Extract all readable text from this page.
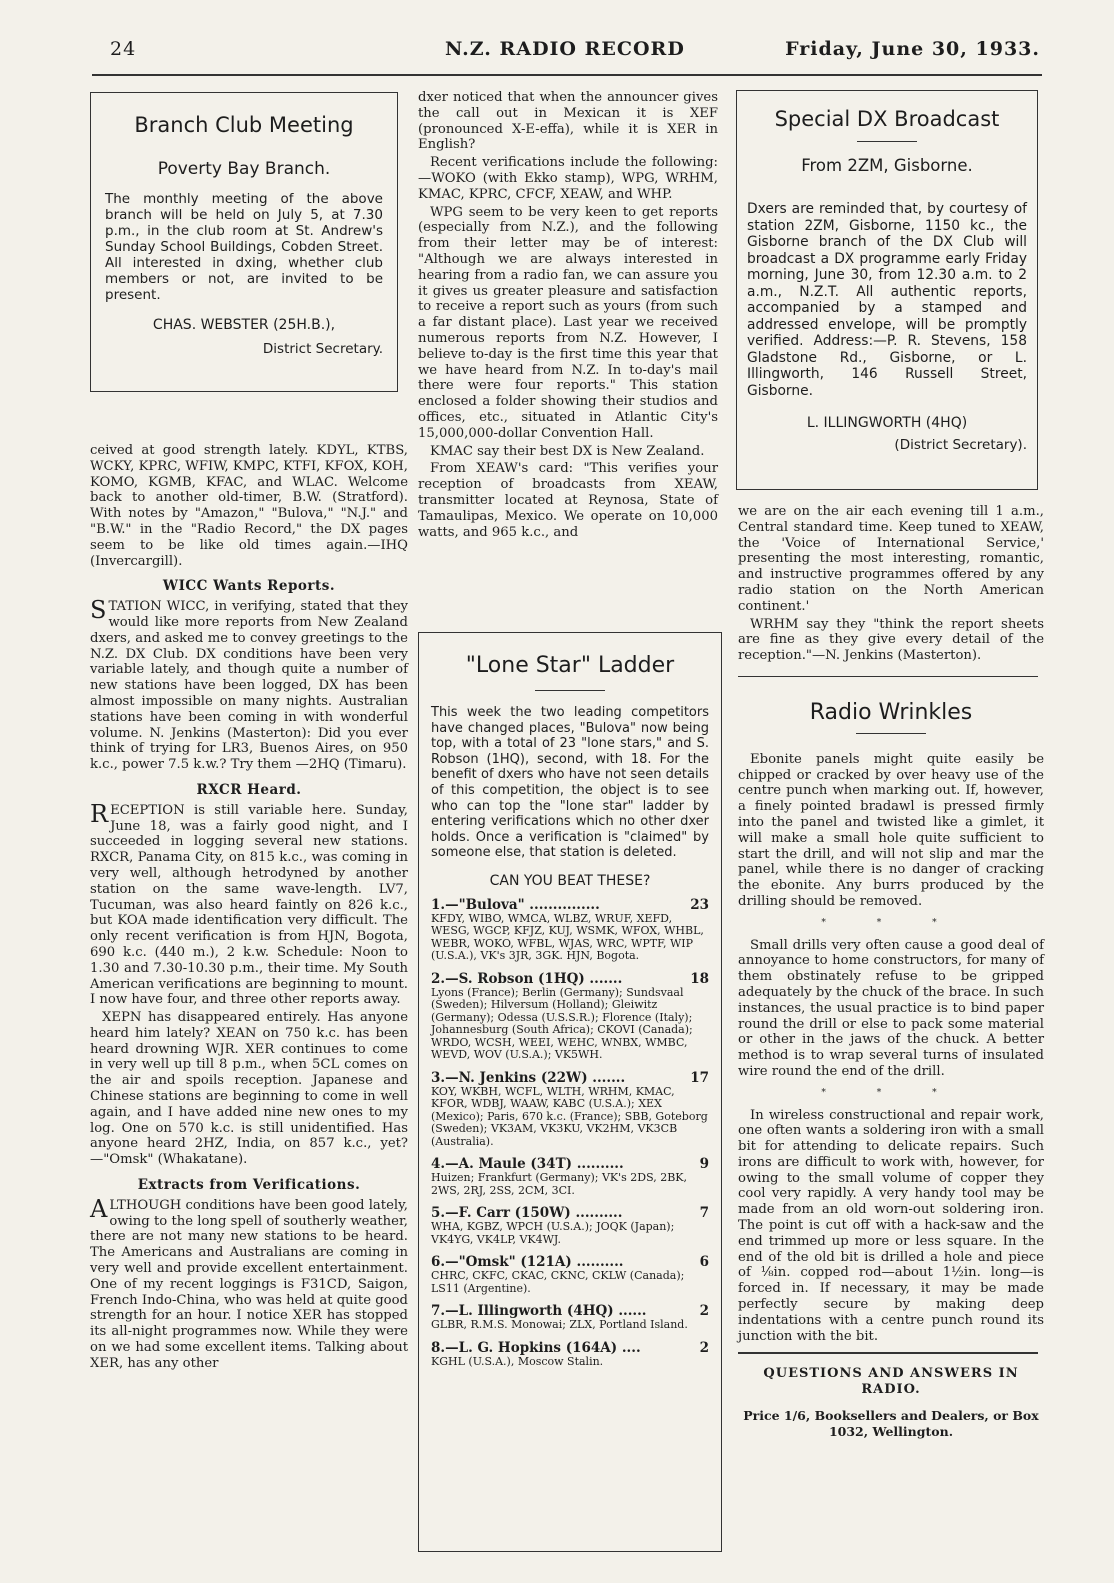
24	N.Z. RADIO RECORD	Friday, June 30, 1933.
Branch Club Meeting
Poverty Bay Branch.
The monthly meeting of the above branch will be held on July 5, at 7.30 p.m., in the club room at St. Andrew's Sunday School Buildings, Cobden Street. All interested in dxing, whether club members or not, are invited to be present.
CHAS. WEBSTER (25H.B.),
District Secretary.

ceived at good strength lately. KDYL, KTBS, WCKY, KPRC, WFIW, KMPC, KTFI, KFOX, KOH, KOMO, KGMB, KFAC, and WLAC. Welcome back to another old-timer, B.W. (Stratford). With notes by "Amazon," "Bulova," "N.J." and "B.W." in the "Radio Record," the DX pages seem to be like old times again.—IHQ (Invercargill).

WICC Wants Reports.

STATION WICC, in verifying, stated that they would like more reports from New Zealand dxers, and asked me to convey greetings to the N.Z. DX Club. DX conditions have been very variable lately, and though quite a number of new stations have been logged, DX has been almost impossible on many nights. Australian stations have been coming in with wonderful volume. N. Jenkins (Masterton): Did you ever think of trying for LR3, Buenos Aires, on 950 k.c., power 7.5 k.w.? Try them —2HQ (Timaru).

RXCR Heard.

RECEPTION is still variable here. Sunday, June 18, was a fairly good night, and I succeeded in logging several new stations. RXCR, Panama City, on 815 k.c., was coming in very well, although hetrodyned by another station on the same wave-length. LV7, Tucuman, was also heard faintly on 826 k.c., but KOA made identification very difficult. The only recent verification is from HJN, Bogota, 690 k.c. (440 m.), 2 k.w. Schedule: Noon to 1.30 and 7.30-10.30 p.m., their time. My South American verifications are beginning to mount. I now have four, and three other reports away.

XEPN has disappeared entirely. Has anyone heard him lately? XEAN on 750 k.c. has been heard drowning WJR. XER continues to come in very well up till 8 p.m., when 5CL comes on the air and spoils reception. Japanese and Chinese stations are beginning to come in well again, and I have added nine new ones to my log. One on 570 k.c. is still unidentified. Has anyone heard 2HZ, India, on 857 k.c., yet?—"Omsk" (Whakatane).

Extracts from Verifications.

ALTHOUGH conditions have been good lately, owing to the long spell of southerly weather, there are not many new stations to be heard. The Americans and Australians are coming in very well and provide excellent entertainment. One of my recent loggings is F31CD, Saigon, French Indo-China, who was held at quite good strength for an hour. I notice XER has stopped its all-night programmes now. While they were on we had some excellent items. Talking about XER, has any other

dxer noticed that when the announcer gives the call out in Mexican it is XEF (pronounced X-E-effa), while it is XER in English?

Recent verifications include the following:—WOKO (with Ekko stamp), WPG, WRHM, KMAC, KPRC, CFCF, XEAW, and WHP.

WPG seem to be very keen to get reports (especially from N.Z.), and the following from their letter may be of interest: "Although we are always interested in hearing from a radio fan, we can assure you it gives us greater pleasure and satisfaction to receive a report such as yours (from such a far distant place). Last year we received numerous reports from N.Z. However, I believe to-day is the first time this year that we have heard from N.Z. In to-day's mail there were four reports." This station enclosed a folder showing their studios and offices, etc., situated in Atlantic City's 15,000,000-dollar Convention Hall.

KMAC say their best DX is New Zealand.

From XEAW's card: "This verifies your reception of broadcasts from XEAW, transmitter located at Reynosa, State of Tamaulipas, Mexico. We operate on 10,000 watts, and 965 k.c., and

"Lone Star" Ladder
This week the two leading competitors have changed places, "Bulova" now being top, with a total of 23 "lone stars," and S. Robson (1HQ), second, with 18. For the benefit of dxers who have not seen details of this competition, the object is to see who can top the "lone star" ladder by entering verifications which no other dxer holds. Once a verification is "claimed" by someone else, that station is deleted.
CAN YOU BEAT THESE?
1.—"Bulova" ...............	23
KFDY, WIBO, WMCA, WLBZ, WRUF, XEFD, WESG, WGCP, KFJZ, KUJ, WSMK, WFOX, WHBL, WEBR, WOKO, WFBL, WJAS, WRC, WPTF, WIP (U.S.A.), VK's 3JR, 3GK. HJN, Bogota.
2.—S. Robson (1HQ) .......	18
Lyons (France); Berlin (Germany); Sundsvaal (Sweden); Hilversum (Holland); Gleiwitz (Germany); Odessa (U.S.S.R.); Florence (Italy); Johannesburg (South Africa); CKOVI (Canada); WRDO, WCSH, WEEI, WEHC, WNBX, WMBC, WEVD, WOV (U.S.A.); VK5WH.
3.—N. Jenkins (22W) .......	17
KOY, WKBH, WCFL, WLTH, WRHM, KMAC, KFOR, WDBJ, WAAW, KABC (U.S.A.); XEX (Mexico); Paris, 670 k.c. (France); SBB, Goteborg (Sweden); VK3AM, VK3KU, VK2HM, VK3CB (Australia).
4.—A. Maule (34T) ..........	9
Huizen; Frankfurt (Germany); VK's 2DS, 2BK, 2WS, 2RJ, 2SS, 2CM, 3CI.
5.—F. Carr (150W) ..........	7
WHA, KGBZ, WPCH (U.S.A.); JOQK (Japan); VK4YG, VK4LP, VK4WJ.
6.—"Omsk" (121A) ..........	6
CHRC, CKFC, CKAC, CKNC, CKLW (Canada); LS11 (Argentine).
7.—L. Illingworth (4HQ) ......	2
GLBR, R.M.S. Monowai; ZLX, Portland Island.
8.—L. G. Hopkins (164A) ....	2
KGHL (U.S.A.), Moscow Stalin.
Special DX Broadcast
From 2ZM, Gisborne.
Dxers are reminded that, by courtesy of station 2ZM, Gisborne, 1150 kc., the Gisborne branch of the DX Club will broadcast a DX programme early Friday morning, June 30, from 12.30 a.m. to 2 a.m., N.Z.T. All authentic reports, accompanied by a stamped and addressed envelope, will be promptly verified. Address:—P. R. Stevens, 158 Gladstone Rd., Gisborne, or L. Illingworth, 146 Russell Street, Gisborne.
L. ILLINGWORTH (4HQ)
(District Secretary).

we are on the air each evening till 1 a.m., Central standard time. Keep tuned to XEAW, the 'Voice of International Service,' presenting the most interesting, romantic, and instructive programmes offered by any radio station on the North American continent.'

WRHM say they "think the report sheets are fine as they give every detail of the reception."—N. Jenkins (Masterton).

Radio Wrinkles

Ebonite panels might quite easily be chipped or cracked by over heavy use of the centre punch when marking out. If, however, a finely pointed bradawl is pressed firmly into the panel and twisted like a gimlet, it will make a small hole quite sufficient to start the drill, and will not slip and mar the panel, while there is no danger of cracking the ebonite. Any burrs produced by the drilling should be removed.

* * *

Small drills very often cause a good deal of annoyance to home constructors, for many of them obstinately refuse to be gripped adequately by the chuck of the brace. In such instances, the usual practice is to bind paper round the drill or else to pack some material or other in the jaws of the chuck. A better method is to wrap several turns of insulated wire round the end of the drill.

* * *

In wireless constructional and repair work, one often wants a soldering iron with a small bit for attending to delicate repairs. Such irons are difficult to work with, however, for owing to the small volume of copper they cool very rapidly. A very handy tool may be made from an old worn-out soldering iron. The point is cut off with a hack-saw and the end trimmed up more or less square. In the end of the old bit is drilled a hole and piece of ⅛in. copped rod—about 1½in. long—is forced in. If necessary, it may be made perfectly secure by making deep indentations with a centre punch round its junction with the bit.

QUESTIONS AND ANSWERS IN RADIO.
Price 1/6, Booksellers and Dealers, or Box 1032, Wellington.
